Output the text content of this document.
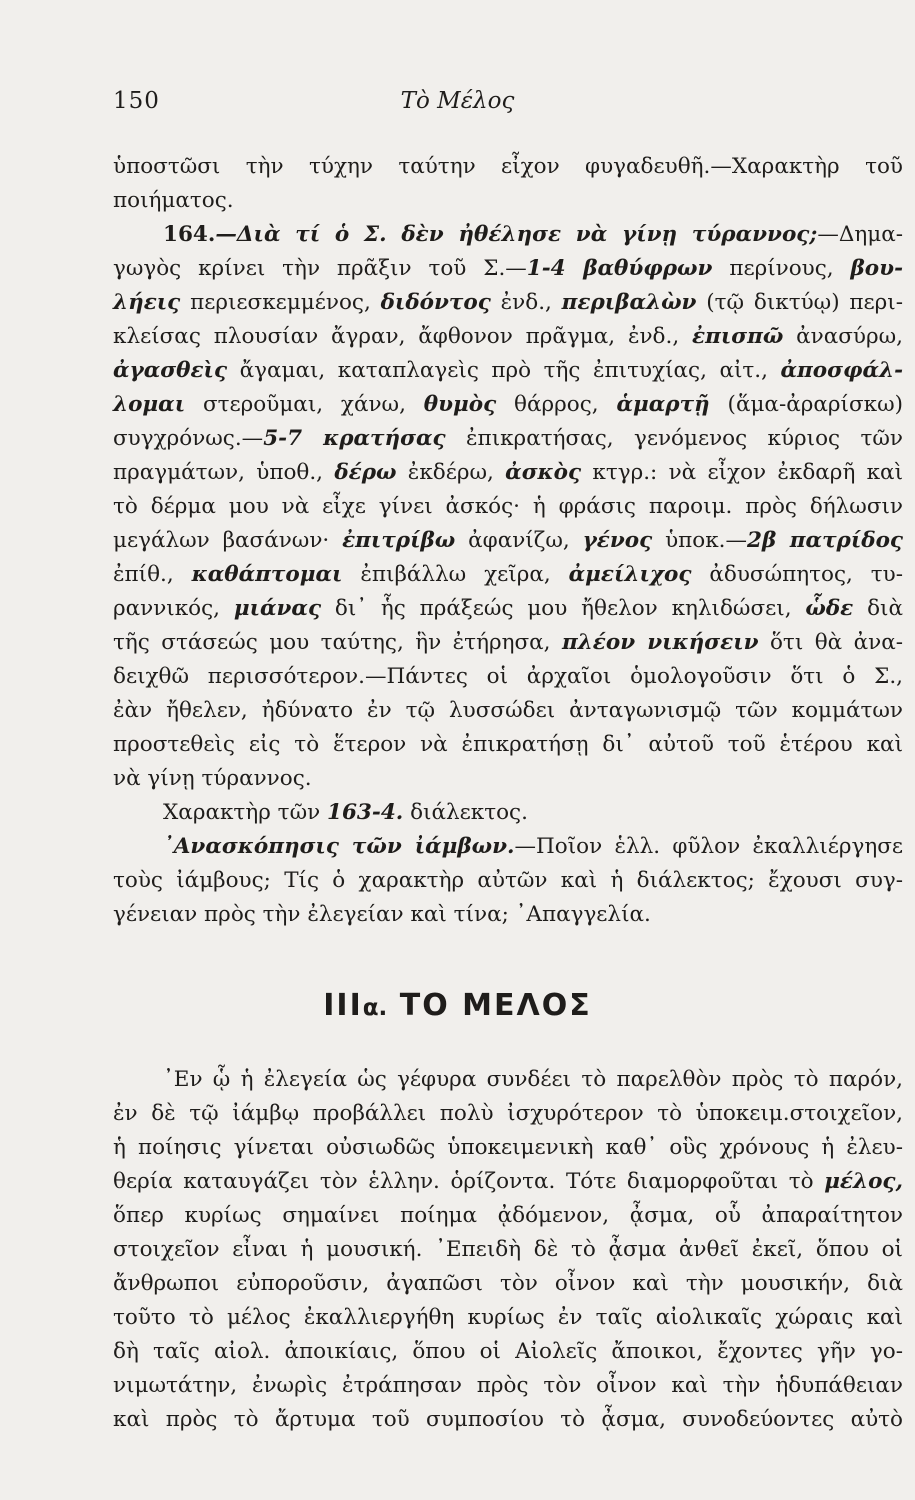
150	Τὸ Μέλος
ὑποστῶσι τὴν τύχην ταύτην εἶχον φυγαδευθῆ.—Χαρακτὴρ τοῦ
ποιήματος.
164.—Διὰ τί ὁ Σ. δὲν ἠθέλησε νὰ γίνῃ τύραννος;—Δημα-
γωγὸς κρίνει τὴν πρᾶξιν τοῦ Σ.—1-4 βαθύφρων περίνους, βου-
λήεις περιεσκεμμένος, διδόντος ἐνδ., περιβαλὼν (τῷ δικτύῳ) περι-
κλείσας πλουσίαν ἄγραν, ἄφθονον πρᾶγμα, ἐνδ., ἐπισπῶ ἀνασύρω,
ἀγασθεὶς ἄγαμαι, καταπλαγεὶς πρὸ τῆς ἐπιτυχίας, αἰτ., ἀποσφάλ-
λομαι στεροῦμαι, χάνω, θυμὸς θάρρος, ἁμαρτῇ (ἅμα-ἀραρίσκω)
συγχρόνως.—5-7 κρατήσας ἐπικρατήσας, γενόμενος κύριος τῶν
πραγμάτων, ὑποθ., δέρω ἐκδέρω, ἀσκὸς κτγρ.: νὰ εἶχον ἐκδαρῆ καὶ
τὸ δέρμα μου νὰ εἶχε γίνει ἀσκός· ἡ φράσις παροιμ. πρὸς δήλωσιν
μεγάλων βασάνων· ἐπιτρίβω ἀφανίζω, γένος ὑποκ.—2β πατρίδος
ἐπίθ., καθάπτομαι ἐπιβάλλω χεῖρα, ἀμείλιχος ἀδυσώπητος, τυ-
ραννικός, μιάνας δι᾽ ἧς πράξεώς μου ἤθελον κηλιδώσει, ὧδε διὰ
τῆς στάσεώς μου ταύτης, ἣν ἐτήρησα, πλέον νικήσειν ὅτι θὰ ἀνα-
δειχθῶ περισσότερον.—Πάντες οἱ ἀρχαῖοι ὁμολογοῦσιν ὅτι ὁ Σ.,
ἐὰν ἤθελεν, ἠδύνατο ἐν τῷ λυσσώδει ἀνταγωνισμῷ τῶν κομμάτων
προστεθεὶς εἰς τὸ ἕτερον νὰ ἐπικρατήσῃ δι᾽ αὐτοῦ τοῦ ἑτέρου καὶ
νὰ γίνῃ τύραννος.
Χαρακτὴρ τῶν 163-4. διάλεκτος.
᾿Ανασκόπησις τῶν ἰάμβων.—Ποῖον ἑλλ. φῦλον ἐκαλλιέργησε
τοὺς ἰάμβους; Τίς ὁ χαρακτὴρ αὐτῶν καὶ ἡ διάλεκτος; ἔχουσι συγ-
γένειαν πρὸς τὴν ἐλεγείαν καὶ τίνα; ᾿Απαγγελία.
IIIα. ΤΟ ΜΕΛΟΣ
᾿Εν ᾧ ἡ ἐλεγεία ὡς γέφυρα συνδέει τὸ παρελθὸν πρὸς τὸ παρόν,
ἐν δὲ τῷ ἰάμβῳ προβάλλει πολὺ ἰσχυρότερον τὸ ὑποκειμ.στοιχεῖον,
ἡ ποίησις γίνεται οὐσιωδῶς ὑποκειμενικὴ καθ᾽ οὓς χρόνους ἡ ἐλευ-
θερία καταυγάζει τὸν ἑλλην. ὁρίζοντα. Τότε διαμορφοῦται τὸ μέλος,
ὅπερ κυρίως σημαίνει ποίημα ᾀδόμενον, ᾆσμα, οὗ ἀπαραίτητον
στοιχεῖον εἶναι ἡ μουσική. ᾿Επειδὴ δὲ τὸ ᾆσμα ἀνθεῖ ἐκεῖ, ὅπου οἱ
ἄνθρωποι εὐποροῦσιν, ἀγαπῶσι τὸν οἶνον καὶ τὴν μουσικήν, διὰ
τοῦτο τὸ μέλος ἐκαλλιεργήθη κυρίως ἐν ταῖς αἰολικαῖς χώραις καὶ
δὴ ταῖς αἰολ. ἀποικίαις, ὅπου οἱ Αἰολεῖς ἄποικοι, ἔχοντες γῆν γο-
νιμωτάτην, ἐνωρὶς ἐτράπησαν πρὸς τὸν οἶνον καὶ τὴν ἡδυπάθειαν
καὶ πρὸς τὸ ἄρτυμα τοῦ συμποσίου τὸ ᾆσμα, συνοδεύοντες αὐτὸ
